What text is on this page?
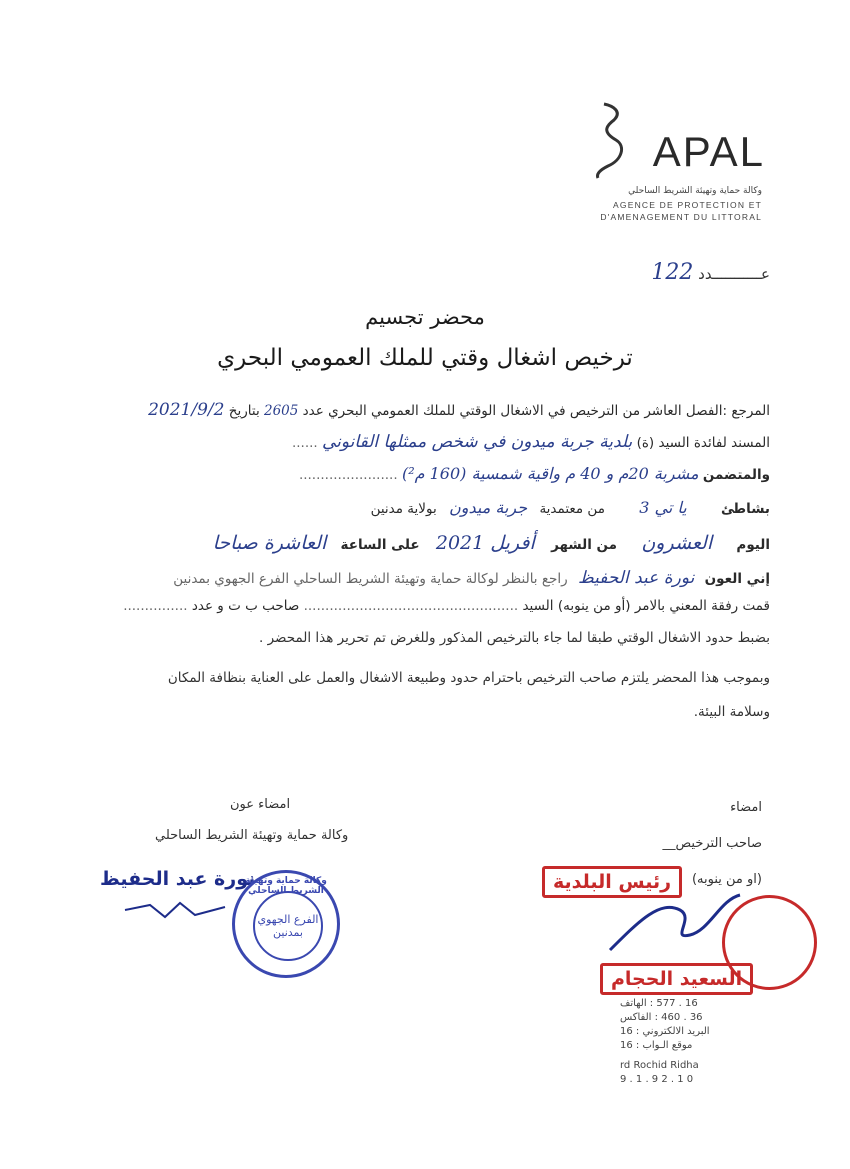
APAL
وكالة حماية وتهيئة الشريط الساحلي
AGENCE DE PROTECTION ET
D'AMENAGEMENT DU LITTORAL
عـــــــــــدد 122
محضر تجسيم
ترخيص اشغال وقتي للملك العمومي البحري
المرجع :الفصل العاشر من الترخيص في الاشغال الوقتي للملك العمومي البحري عدد 2605 بتاريخ 2021/9/2
المسند لفائدة السيد (ة) بلدية جربة ميدون في شخص ممثلها القانوني ......
والمتضمن مشربة 20م و 40 م واقية شمسية (160 م²) .......................
بشاطئ يا تي 3 من معتمدية جربة ميدون بولاية مدنين
اليوم العشرون من الشهر أفريل 2021 على الساعة العاشرة صباحا
إني العون نورة عبد الحفيظ راجع بالنظر لوكالة حماية وتهيئة الشريط الساحلي الفرع الجهوي بمدنين
قمت رفقة المعني بالامر (أو من ينوبه) السيد .................................................. صاحب ب ت و عدد ...............
بضبط حدود الاشغال الوقتي طبقا لما جاء بالترخيص المذكور وللغرض تم تحرير هذا المحضر .
وبموجب هذا المحضر يلتزم صاحب الترخيص باحترام حدود وطبيعة الاشغال والعمل على العناية بنظافة المكان
وسلامة البيئة.
امضاء عون
وكالة حماية وتهيئة الشريط الساحلي
نورة عبد الحفيظ
وكالة حماية وتهيئة الشريط الساحلي
الفرع الجهوي بمدنين
امضاء
صاحب الترخيص__
(او من ينوبه)
رئيس البلدية
السعيد الحجام
16 . 577 : الهاتف
36 . 460 : الفاكس
البريد الالكتروني : 16
موقع الـواب : 16
rd Rochid Ridha
9 . 1 . 9 2 . 1 0
